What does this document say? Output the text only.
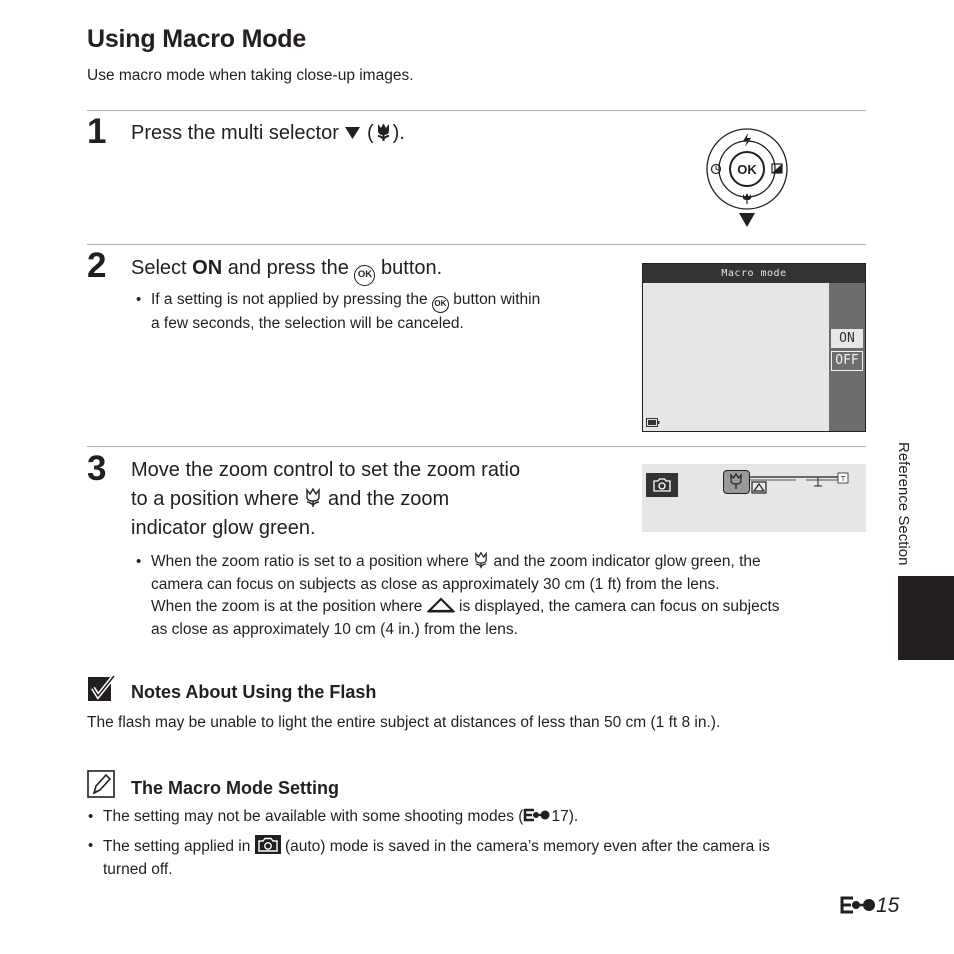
Using Macro Mode
Use macro mode when taking close-up images.
1 Press the multi selector  ( ).
OK
2 Select ON and press the OK button.
• If a setting is not applied by pressing the OK button within
a few seconds, the selection will be canceled.
Macro mode
ON
OFF
3 Move the zoom control to set the zoom ratio
to a position where  and the zoom
indicator glow green.
T
• When the zoom ratio is set to a position where  and the zoom indicator glow green, the
camera can focus on subjects as close as approximately 30 cm (1 ft) from the lens.
When the zoom is at the position where  is displayed, the camera can focus on subjects
as close as approximately 10 cm (4 in.) from the lens.
Notes About Using the Flash
The flash may be unable to light the entire subject at distances of less than 50 cm (1 ft 8 in.).
The Macro Mode Setting
• The setting may not be available with some shooting modes ( 17).
• The setting applied in  (auto) mode is saved in the camera’s memory even after the camera is
turned off.
Reference Section
15
